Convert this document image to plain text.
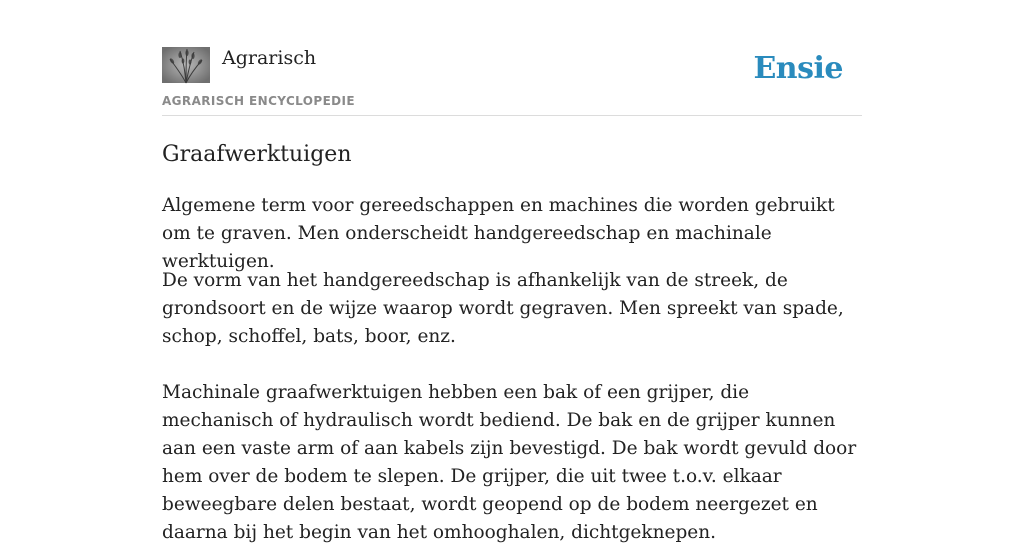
Agrarisch
AGRARISCH ENCYCLOPEDIE
Ensie
Graafwerktuigen

Algemene term voor gereedschappen en machines die worden gebruikt om te graven. Men onderscheidt handgereedschap en machinale werktuigen.

De vorm van het handgereedschap is afhankelijk van de streek, de grondsoort en de wijze waarop wordt gegraven. Men spreekt van spade, schop, schoffel, bats, boor, enz.

Machinale graafwerktuigen hebben een bak of een grijper, die mechanisch of hydraulisch wordt bediend. De bak en de grijper kunnen aan een vaste arm of aan kabels zijn bevestigd. De bak wordt gevuld door hem over de bodem te slepen. De grijper, die uit twee t.o.v. elkaar beweegbare delen bestaat, wordt geopend op de bodem neergezet en daarna bij het begin van het omhooghalen, dichtgeknepen.
